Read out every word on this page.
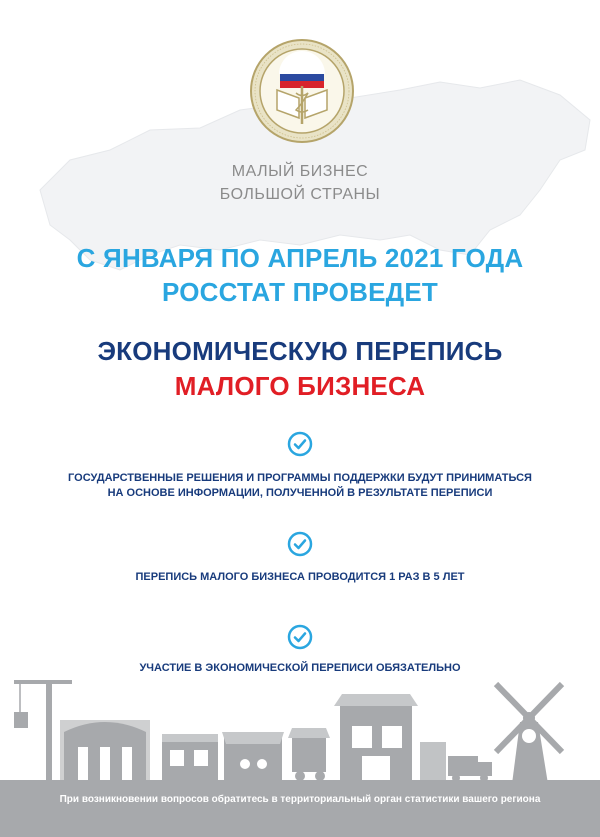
МАЛЫЙ БИЗНЕС
БОЛЬШОЙ СТРАНЫ
С ЯНВАРЯ ПО АПРЕЛЬ 2021 ГОДА
РОССТАТ ПРОВЕДЕТ
ЭКОНОМИЧЕСКУЮ ПЕРЕПИСЬ
МАЛОГО БИЗНЕСА
ГОСУДАРСТВЕННЫЕ РЕШЕНИЯ И ПРОГРАММЫ ПОДДЕРЖКИ БУДУТ ПРИНИМАТЬСЯ
НА ОСНОВЕ ИНФОРМАЦИИ, ПОЛУЧЕННОЙ В РЕЗУЛЬТАТЕ ПЕРЕПИСИ
ПЕРЕПИСЬ МАЛОГО БИЗНЕСА ПРОВОДИТСЯ 1 РАЗ В 5 ЛЕТ
УЧАСТИЕ В ЭКОНОМИЧЕСКОЙ ПЕРЕПИСИ ОБЯЗАТЕЛЬНО
При возникновении вопросов обратитесь в территориальный орган статистики вашего региона
